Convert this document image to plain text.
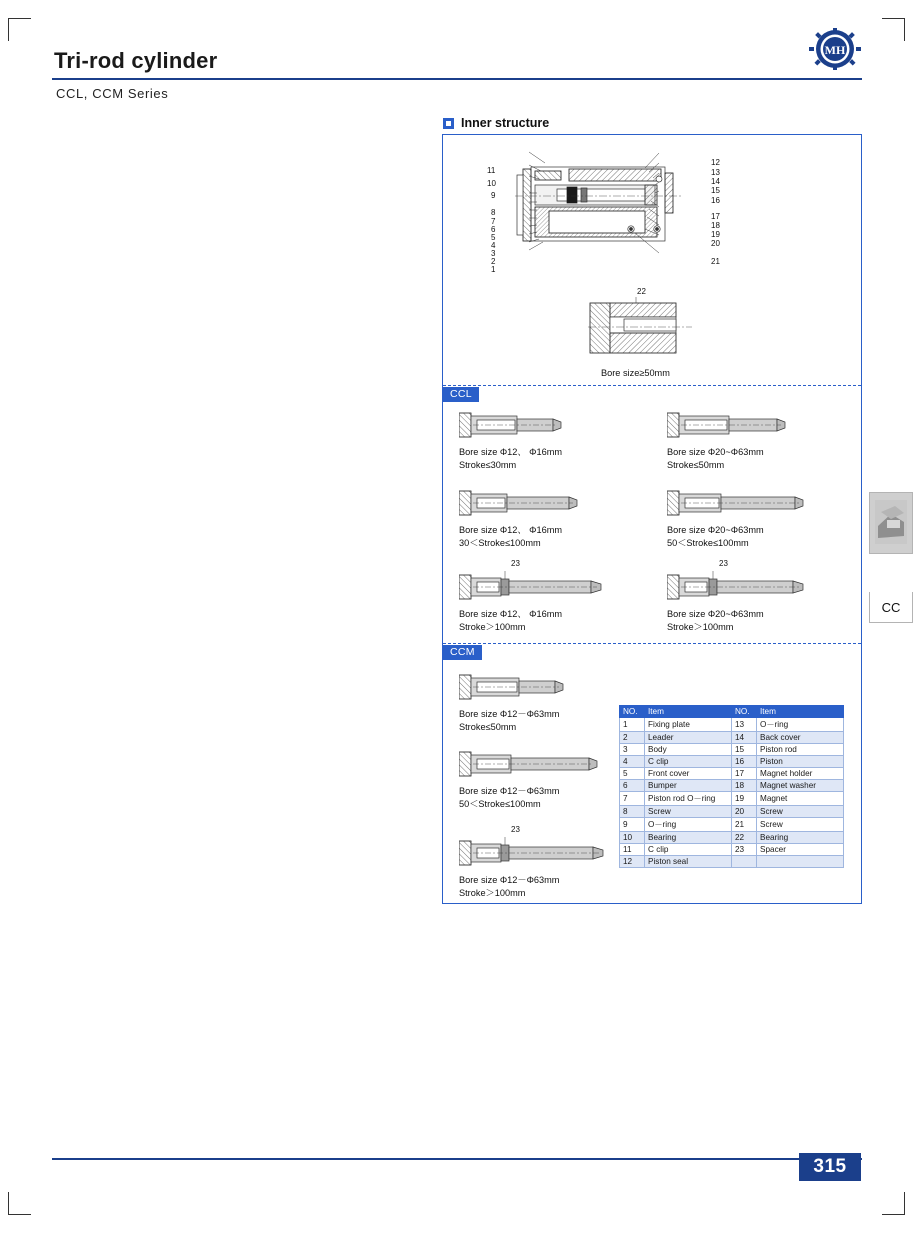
Tri-rod cylinder
CCL, CCM Series
MH
Inner structure
11
10
9
8
7
6
5
4
3
2
1
12
13
14
15
16
17
18
19
20
21
22
Bore size≥50mm
CCL
Bore size Φ12、 Φ16mm
Stroke≤30mm
Bore size Φ20~Φ63mm
Stroke≤50mm
Bore size Φ12、 Φ16mm
30＜Stroke≤100mm
Bore size Φ20~Φ63mm
50＜Stroke≤100mm
23
Bore size Φ12、 Φ16mm
Stroke＞100mm
23
Bore size Φ20~Φ63mm
Stroke＞100mm
CCM
Bore size Φ12－Φ63mm
Stroke≤50mm
Bore size Φ12－Φ63mm
50＜Stroke≤100mm
23
Bore size Φ12－Φ63mm
Stroke＞100mm
NO.	Item	NO.	Item
1	Fixing plate	13	O－ring
2	Leader	14	Back cover
3	Body	15	Piston rod
4	C clip	16	Piston
5	Front cover	17	Magnet holder
6	Bumper	18	Magnet washer
7	Piston rod O－ring	19	Magnet
8	Screw	20	Screw
9	O－ring	21	Screw
10	Bearing	22	Bearing
11	C clip	23	Spacer
12	Piston seal		
CC
315
